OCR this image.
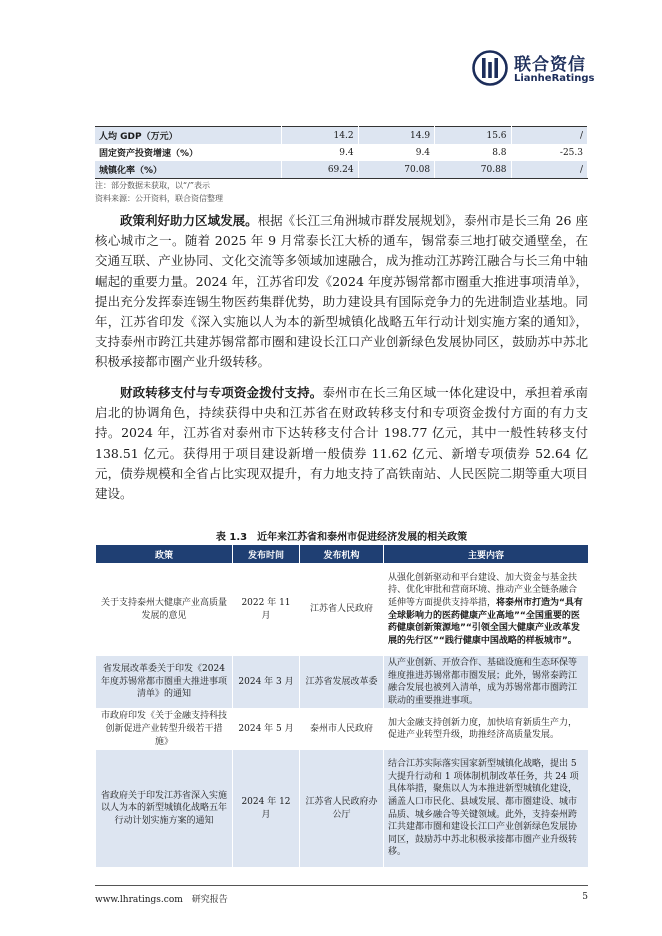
联合资信
LianheRatings
人均 GDP（万元）	14.2	14.9	15.6	/
固定资产投资增速（%）	9.4	9.4	8.8	-25.3
城镇化率（%）	69.24	70.08	70.88	/
注：部分数据未获取，以“/”表示
资料来源：公开资料，联合资信整理

政策利好助力区域发展。根据《长江三角洲城市群发展规划》，泰州市是长三角 26 座核心城市之一。随着 2025 年 9 月常泰长江大桥的通车，锡常泰三地打破交通壁垒，在交通互联、产业协同、文化交流等多领域加速融合，成为推动江苏跨江融合与长三角中轴崛起的重要力量。2024 年，江苏省印发《2024 年度苏锡常都市圈重大推进事项清单》，提出充分发挥泰连锡生物医药集群优势，助力建设具有国际竞争力的先进制造业基地。同年，江苏省印发《深入实施以人为本的新型城镇化战略五年行动计划实施方案的通知》，支持泰州市跨江共建苏锡常都市圈和建设长江口产业创新绿色发展协同区，鼓励苏中苏北积极承接都市圈产业升级转移。

财政转移支付与专项资金拨付支持。泰州市在长三角区域一体化建设中，承担着承南启北的协调角色，持续获得中央和江苏省在财政转移支付和专项资金拨付方面的有力支持。2024 年，江苏省对泰州市下达转移支付合计 198.77 亿元，其中一般性转移支付 138.51 亿元。获得用于项目建设新增一般债券 11.62 亿元、新增专项债券 52.64 亿元，债券规模和全省占比实现双提升，有力地支持了高铁南站、人民医院二期等重大项目建设。

表 1.3　近年来江苏省和泰州市促进经济发展的相关政策
政策	发布时间	发布机构	主要内容
关于支持泰州大健康产业高质量发展的意见	2022 年 11 月	江苏省人民政府	从强化创新驱动和平台建设、加大资金与基金扶持、优化审批和营商环境、推动产业全链条融合延伸等方面提供支持举措，将泰州市打造为“具有全球影响力的医药健康产业高地”“全国重要的医药健康创新策源地”“引领全国大健康产业改革发展的先行区”“践行健康中国战略的样板城市”。
省发展改革委关于印发《2024 年度苏锡常都市圈重大推进事项清单》的通知	2024 年 3 月	江苏省发展改革委	从产业创新、开放合作、基础设施和生态环保等维度推进苏锡常都市圈发展；此外，锡常泰跨江融合发展也被列入清单，成为苏锡常都市圈跨江联动的重要推进事项。
市政府印发《关于金融支持科技创新促进产业转型升级若干措施》	2024 年 5 月	泰州市人民政府	加大金融支持创新力度，加快培育新质生产力，促进产业转型升级，助推经济高质量发展。
省政府关于印发江苏省深入实施以人为本的新型城镇化战略五年行动计划实施方案的通知	2024 年 12 月	江苏省人民政府办公厅	结合江苏实际落实国家新型城镇化战略，提出 5 大提升行动和 1 项体制机制改革任务，共 24 项具体举措，聚焦以人为本推进新型城镇化建设，涵盖人口市民化、县域发展、都市圈建设、城市品质、城乡融合等关键领域。此外，支持泰州跨江共建都市圈和建设长江口产业创新绿色发展协同区，鼓励苏中苏北积极承接都市圈产业升级转移。
www.lhratings.com　研究报告	5
